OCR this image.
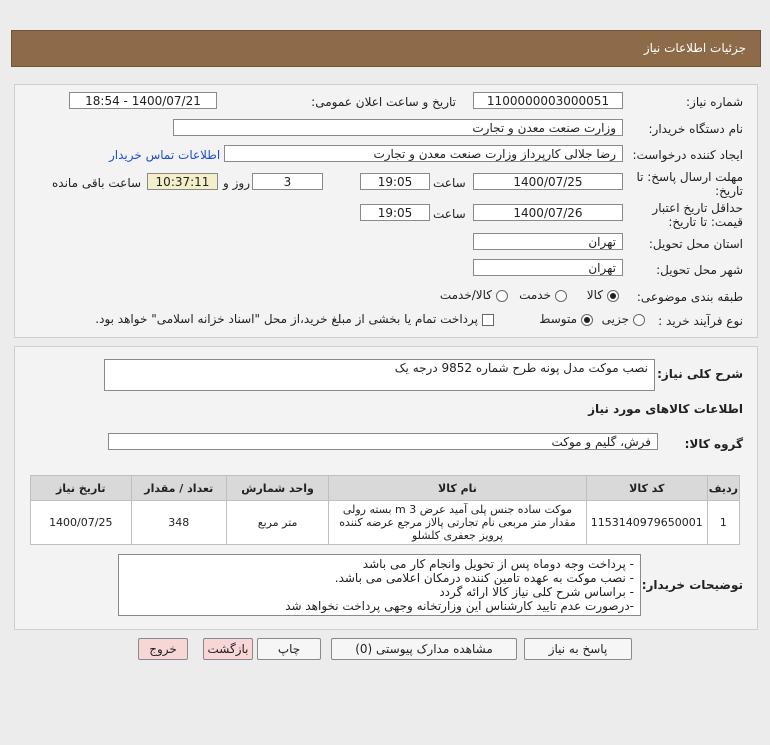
جزئیات اطلاعات نیاز
شماره نیاز:
1100000003000051
تاریخ و ساعت اعلان عمومی:
1400/07/21 - 18:54
نام دستگاه خریدار:
وزارت صنعت معدن و تجارت
ایجاد کننده درخواست:
رضا جلالی کارپرداز وزارت صنعت معدن و تجارت
اطلاعات تماس خریدار
مهلت ارسال پاسخ: تا
تاریخ:
1400/07/25
ساعت
19:05
3
روز و
10:37:11
ساعت باقی مانده
حداقل تاریخ اعتبار
قیمت: تا تاریخ:
1400/07/26
ساعت
19:05
استان محل تحویل:
تهران
شهر محل تحویل:
تهران
طبقه بندی موضوعی:
کالا
خدمت
کالا/خدمت
نوع فرآیند خرید :
جزیی
متوسط
پرداخت تمام یا بخشی از مبلغ خرید،از محل "اسناد خزانه اسلامی" خواهد بود.
شرح کلی نیاز:
نصب موکت مدل پونه طرح شماره 9852 درجه یک
اطلاعات کالاهای مورد نیاز
گروه کالا:
فرش، گلیم و موکت
ردیف	کد کالا	نام کالا	واحد شمارش	تعداد / مقدار	تاریخ نیاز
1	1153140979650001	موکت ساده جنس پلی آمید عرض m 3 بسته رولی مقدار متر مربعی نام تجارتی پالاز مرجع عرضه کننده پرویز جعفری کلشلو	متر مربع	348	1400/07/25
توضیحات خریدار:
- پرداخت وجه دوماه پس از تحویل وانجام کار می باشد
- نصب موکت به عهده تامین کننده درمکان اعلامی می باشد.
- براساس شرح کلی نیاز کالا ارائه گردد
-درصورت عدم تایید کارشناس این وزارتخانه وجهی پرداخت نخواهد شد
پاسخ به نیاز
مشاهده مدارک پیوستی (0)
چاپ
بازگشت
خروج
